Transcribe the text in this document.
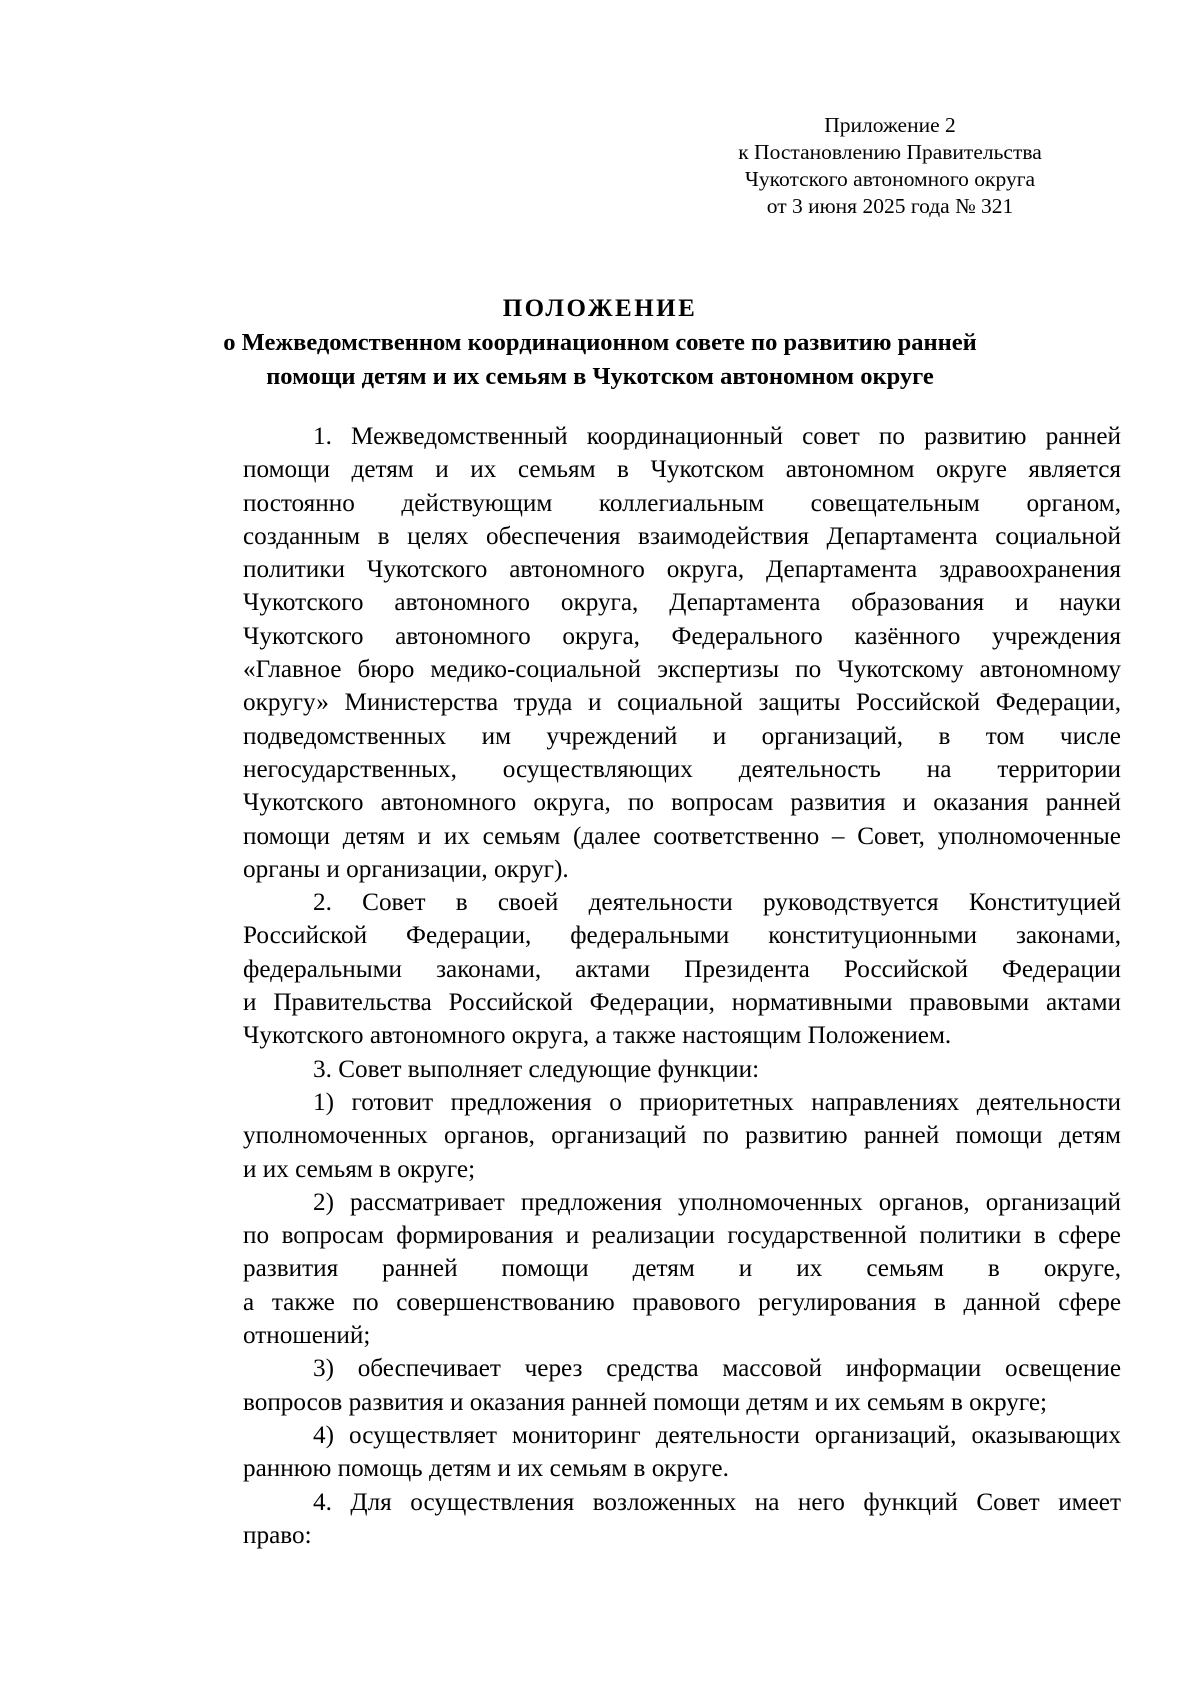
Приложение 2
к Постановлению Правительства
Чукотского автономного округа
от 3 июня 2025 года № 321
ПОЛОЖЕНИЕ
о Межведомственном координационном совете по развитию ранней
помощи детям и их семьям в Чукотском автономном округе

1. Межведомственный координационный совет по развитию ранней
помощи детям и их семьям в Чукотском автономном округе является
постоянно действующим коллегиальным совещательным органом,
созданным в целях обеспечения взаимодействия Департамента социальной
политики Чукотского автономного округа, Департамента здравоохранения
Чукотского автономного округа, Департамента образования и науки
Чукотского автономного округа, Федерального казённого учреждения
«Главное бюро медико-социальной экспертизы по Чукотскому автономному
округу» Министерства труда и социальной защиты Российской Федерации,
подведомственных им учреждений и организаций, в том числе
негосударственных, осуществляющих деятельность на территории
Чукотского автономного округа, по вопросам развития и оказания ранней
помощи детям и их семьям (далее соответственно – Совет, уполномоченные
органы и организации, округ).

2. Совет в своей деятельности руководствуется Конституцией
Российской Федерации, федеральными конституционными законами,
федеральными законами, актами Президента Российской Федерации
и Правительства Российской Федерации, нормативными правовыми актами
Чукотского автономного округа, а также настоящим Положением.

3. Совет выполняет следующие функции:

1) готовит предложения о приоритетных направлениях деятельности
уполномоченных органов, организаций по развитию ранней помощи детям
и их семьям в округе;

2) рассматривает предложения уполномоченных органов, организаций
по вопросам формирования и реализации государственной политики в сфере
развития ранней помощи детям и их семьям в округе,
а также по совершенствованию правового регулирования в данной сфере
отношений;

3) обеспечивает через средства массовой информации освещение
вопросов развития и оказания ранней помощи детям и их семьям в округе;

4) осуществляет мониторинг деятельности организаций, оказывающих
раннюю помощь детям и их семьям в округе.

4. Для осуществления возложенных на него функций Совет имеет
право:
